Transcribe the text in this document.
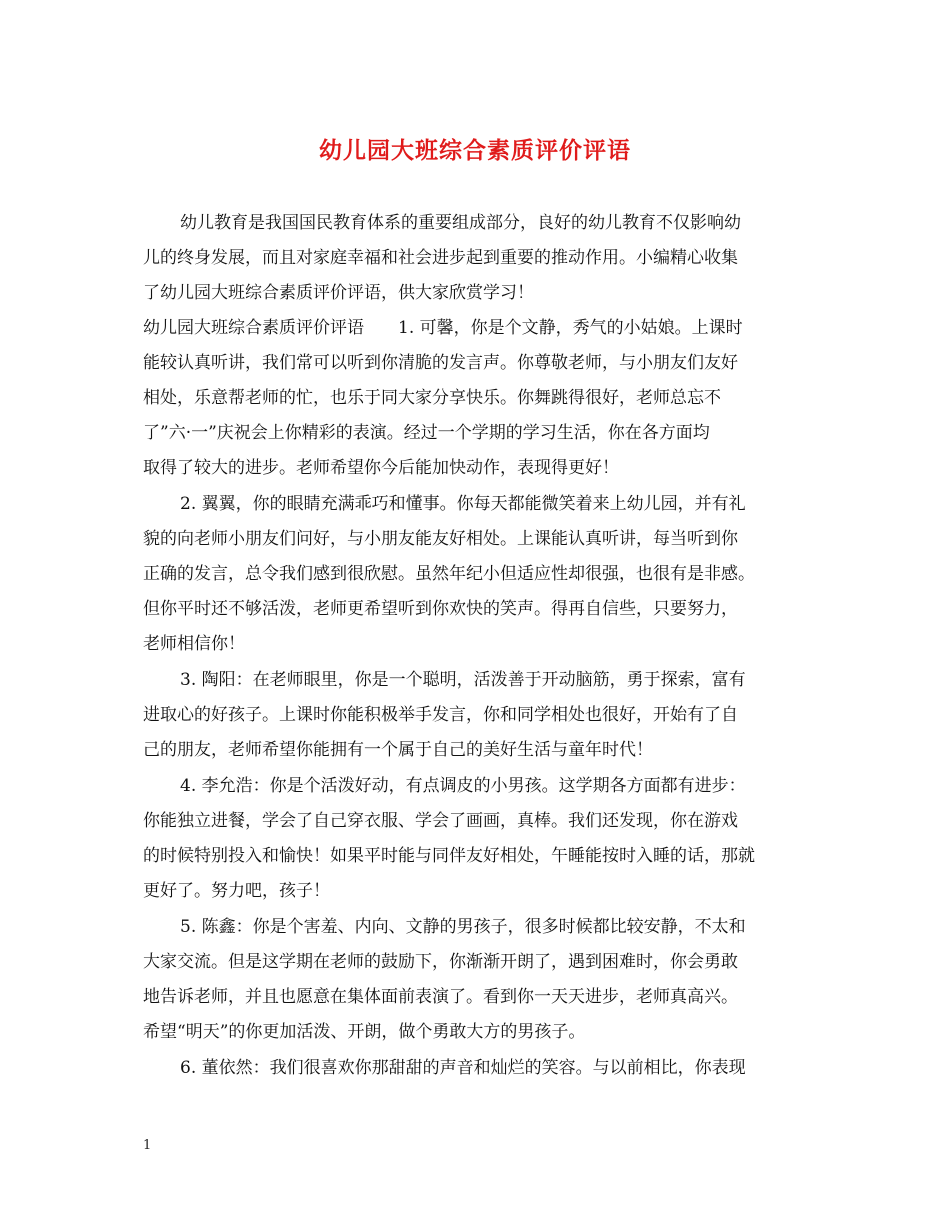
幼儿园大班综合素质评价评语
幼儿教育是我国国民教育体系的重要组成部分，良好的幼儿教育不仅影响幼
儿的终身发展，而且对家庭幸福和社会进步起到重要的推动作用。小编精心收集
了幼儿园大班综合素质评价评语，供大家欣赏学习！
幼儿园大班综合素质评价评语　　1. 可馨，你是个文静，秀气的小姑娘。上课时
能较认真听讲，我们常可以听到你清脆的发言声。你尊敬老师，与小朋友们友好
相处，乐意帮老师的忙，也乐于同大家分享快乐。你舞跳得很好，老师总忘不
了”六·一”庆祝会上你精彩的表演。经过一个学期的学习生活，你在各方面均
取得了较大的进步。老师希望你今后能加快动作，表现得更好！
2. 翼翼，你的眼睛充满乖巧和懂事。你每天都能微笑着来上幼儿园，并有礼
貌的向老师小朋友们问好，与小朋友能友好相处。上课能认真听讲，每当听到你
正确的发言，总令我们感到很欣慰。虽然年纪小但适应性却很强，也很有是非感。
但你平时还不够活泼，老师更希望听到你欢快的笑声。得再自信些，只要努力，
老师相信你！
3. 陶阳：在老师眼里，你是一个聪明，活泼善于开动脑筋，勇于探索，富有
进取心的好孩子。上课时你能积极举手发言，你和同学相处也很好，开始有了自
己的朋友，老师希望你能拥有一个属于自己的美好生活与童年时代！
4. 李允浩：你是个活泼好动，有点调皮的小男孩。这学期各方面都有进步：
你能独立进餐，学会了自己穿衣服、学会了画画，真棒。我们还发现，你在游戏
的时候特别投入和愉快！如果平时能与同伴友好相处，午睡能按时入睡的话，那就
更好了。努力吧，孩子！
5. 陈鑫：你是个害羞、内向、文静的男孩子，很多时候都比较安静，不太和
大家交流。但是这学期在老师的鼓励下，你渐渐开朗了，遇到困难时，你会勇敢
地告诉老师，并且也愿意在集体面前表演了。看到你一天天进步，老师真高兴。
希望“明天”的你更加活泼、开朗，做个勇敢大方的男孩子。
6. 董依然：我们很喜欢你那甜甜的声音和灿烂的笑容。与以前相比，你表现
1
